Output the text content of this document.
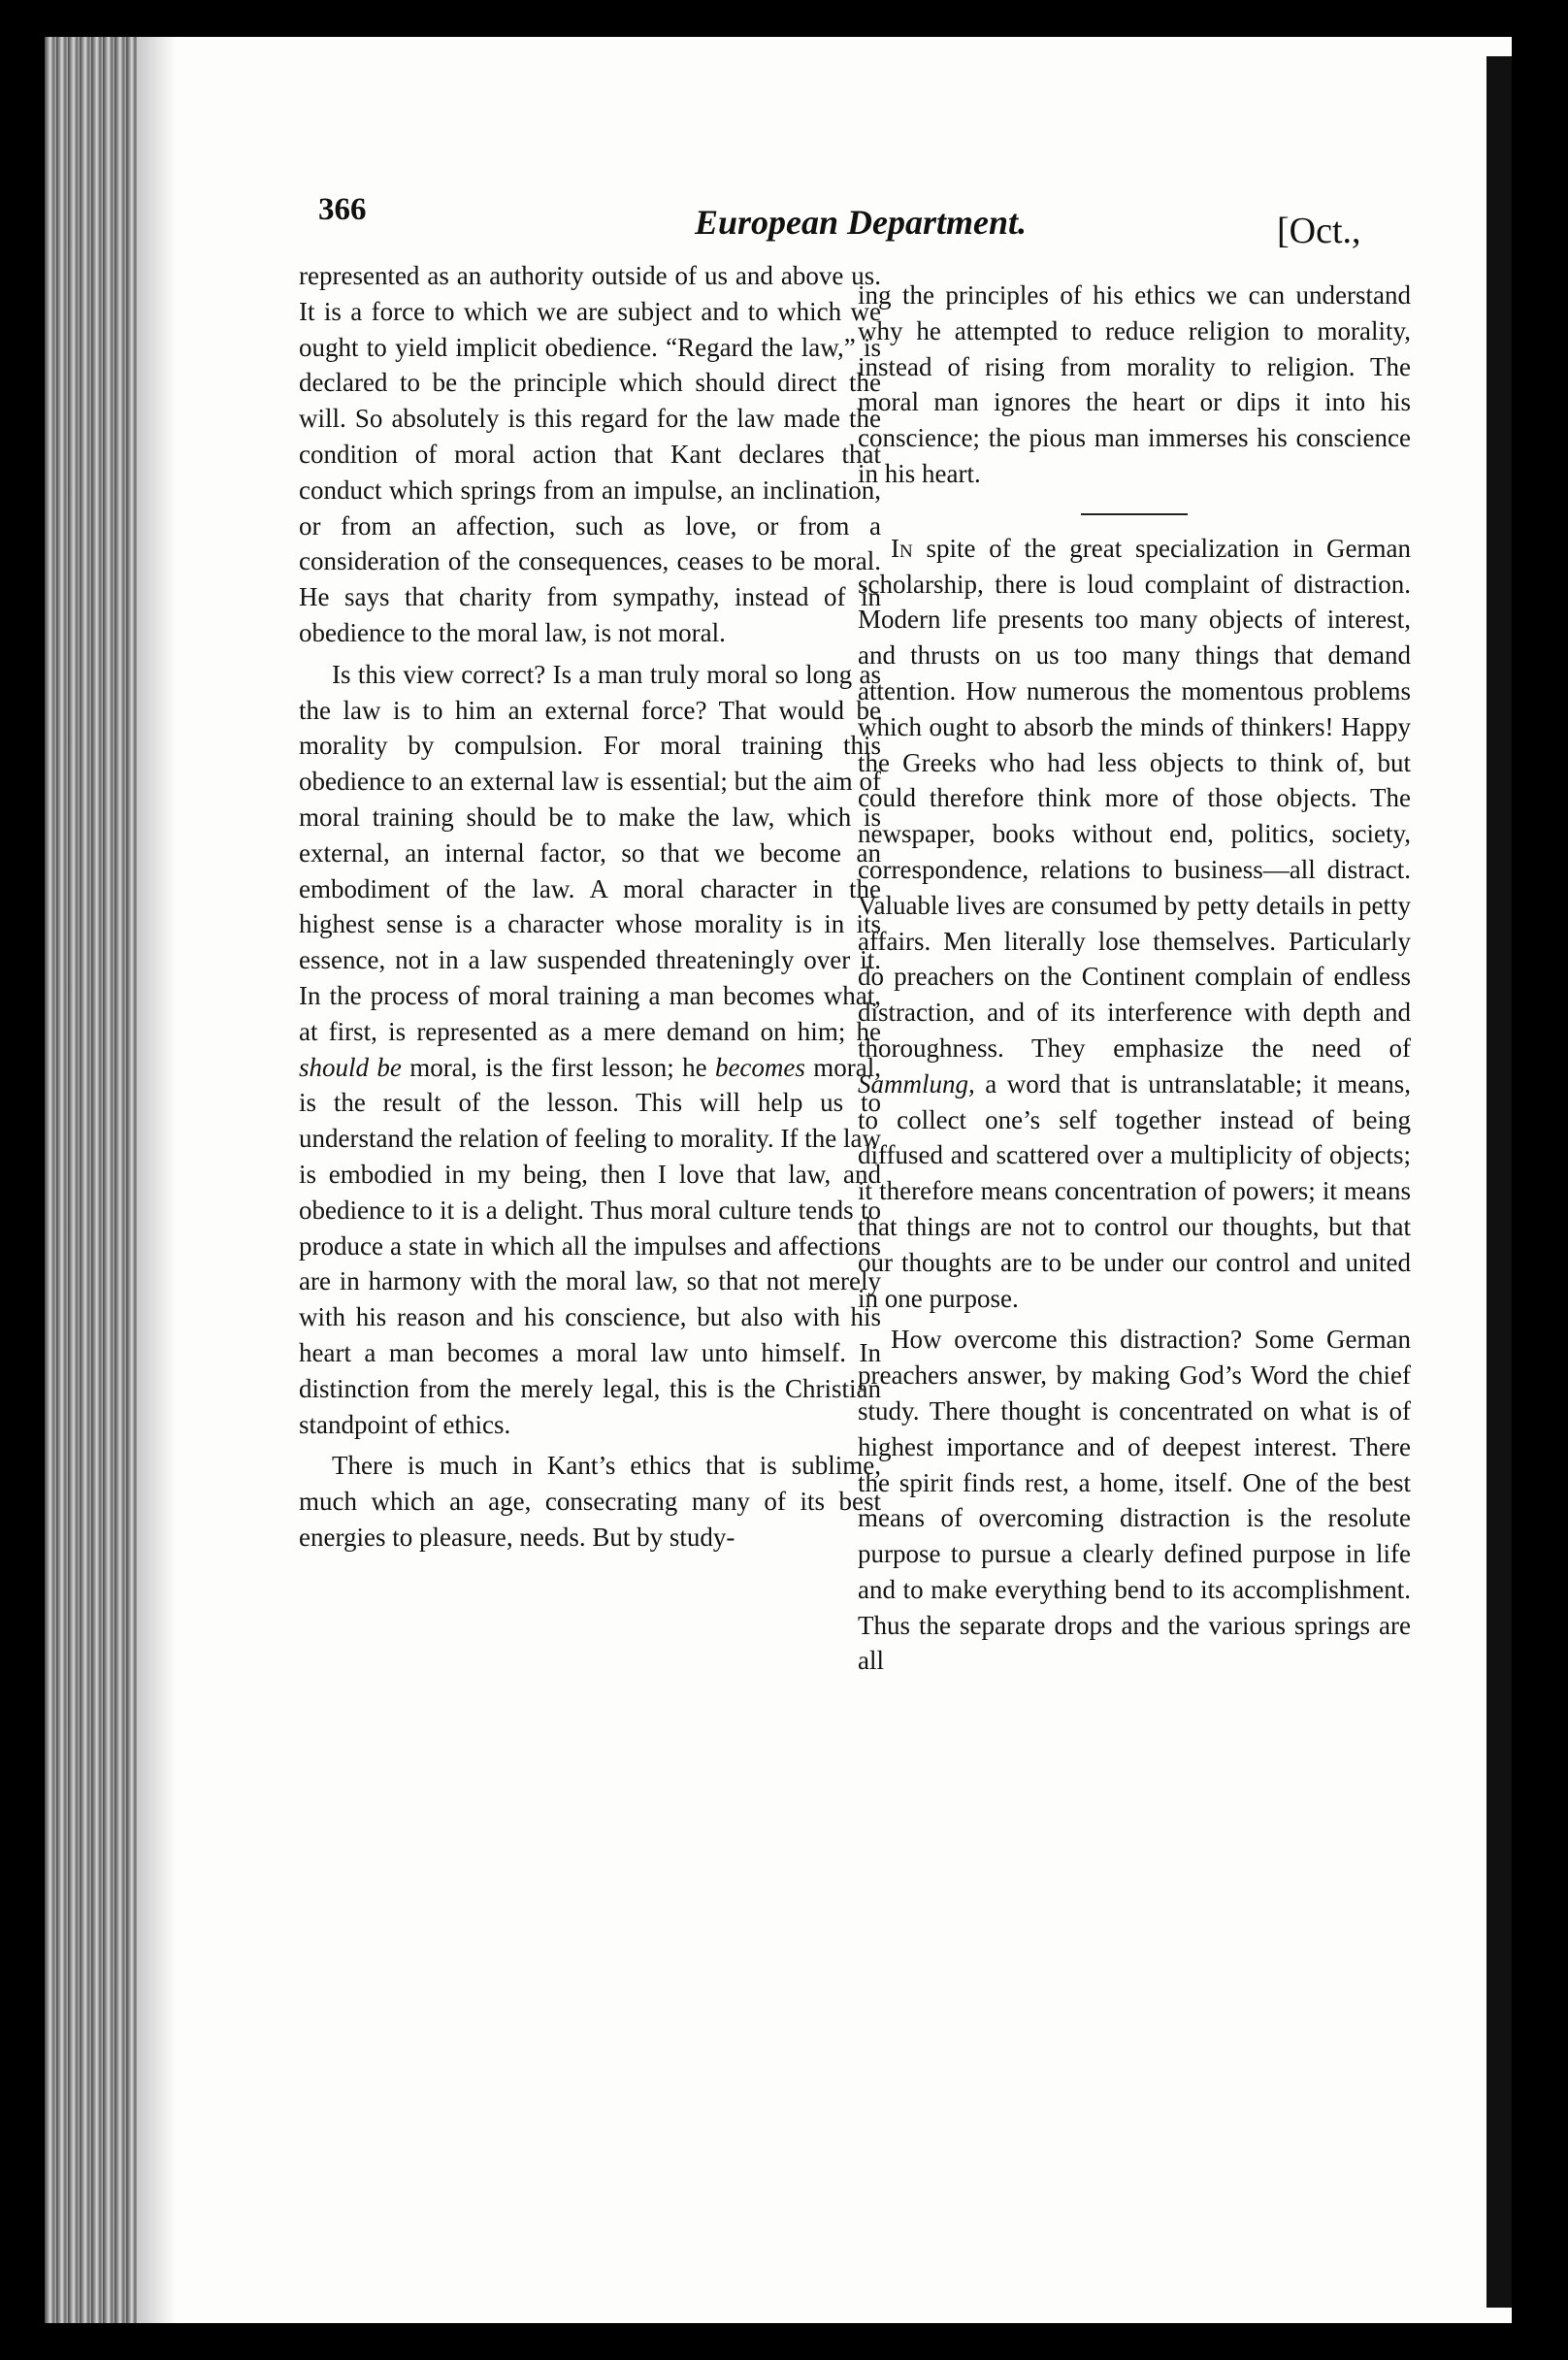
366	European Department.	[Oct.,

represented as an authority outside of us and above us. It is a force to which we are subject and to which we ought to yield implicit obedience. “Regard the law,” is declared to be the principle which should direct the will. So absolutely is this regard for the law made the condition of moral action that Kant declares that conduct which springs from an impulse, an inclination, or from an affection, such as love, or from a consideration of the consequences, ceases to be moral. He says that charity from sympathy, instead of in obedience to the moral law, is not moral.

Is this view correct? Is a man truly moral so long as the law is to him an external force? That would be morality by compulsion. For moral training this obedience to an external law is essential; but the aim of moral training should be to make the law, which is external, an internal factor, so that we become an embodiment of the law. A moral character in the highest sense is a character whose morality is in its essence, not in a law suspended threateningly over it. In the process of moral training a man becomes what, at first, is represented as a mere demand on him; he should be moral, is the first lesson; he becomes moral, is the result of the lesson. This will help us to understand the relation of feeling to morality. If the law is embodied in my being, then I love that law, and obedience to it is a delight. Thus moral culture tends to produce a state in which all the impulses and affections are in harmony with the moral law, so that not merely with his reason and his conscience, but also with his heart a man becomes a moral law unto himself. In distinction from the merely legal, this is the Christian standpoint of ethics.

There is much in Kant’s ethics that is sublime, much which an age, consecrating many of its best energies to pleasure, needs. But by study-

ing the principles of his ethics we can understand why he attempted to reduce religion to morality, instead of rising from morality to religion. The moral man ignores the heart or dips it into his conscience; the pious man immerses his conscience in his heart.

In spite of the great specialization in German scholarship, there is loud complaint of distraction. Modern life presents too many objects of interest, and thrusts on us too many things that demand attention. How numerous the momentous problems which ought to absorb the minds of thinkers! Happy the Greeks who had less objects to think of, but could therefore think more of those objects. The newspaper, books without end, politics, society, correspondence, relations to business—all distract. Valuable lives are consumed by petty details in petty affairs. Men literally lose themselves. Particularly do preachers on the Continent complain of endless distraction, and of its interference with depth and thoroughness. They emphasize the need of Sammlung, a word that is untranslatable; it means, to collect one’s self together instead of being diffused and scattered over a multiplicity of objects; it therefore means concentration of powers; it means that things are not to control our thoughts, but that our thoughts are to be under our control and united in one purpose.

How overcome this distraction? Some German preachers answer, by making God’s Word the chief study. There thought is concentrated on what is of highest importance and of deepest interest. There the spirit finds rest, a home, itself. One of the best means of overcoming distraction is the resolute purpose to pursue a clearly defined purpose in life and to make everything bend to its accomplishment. Thus the separate drops and the various springs are all
